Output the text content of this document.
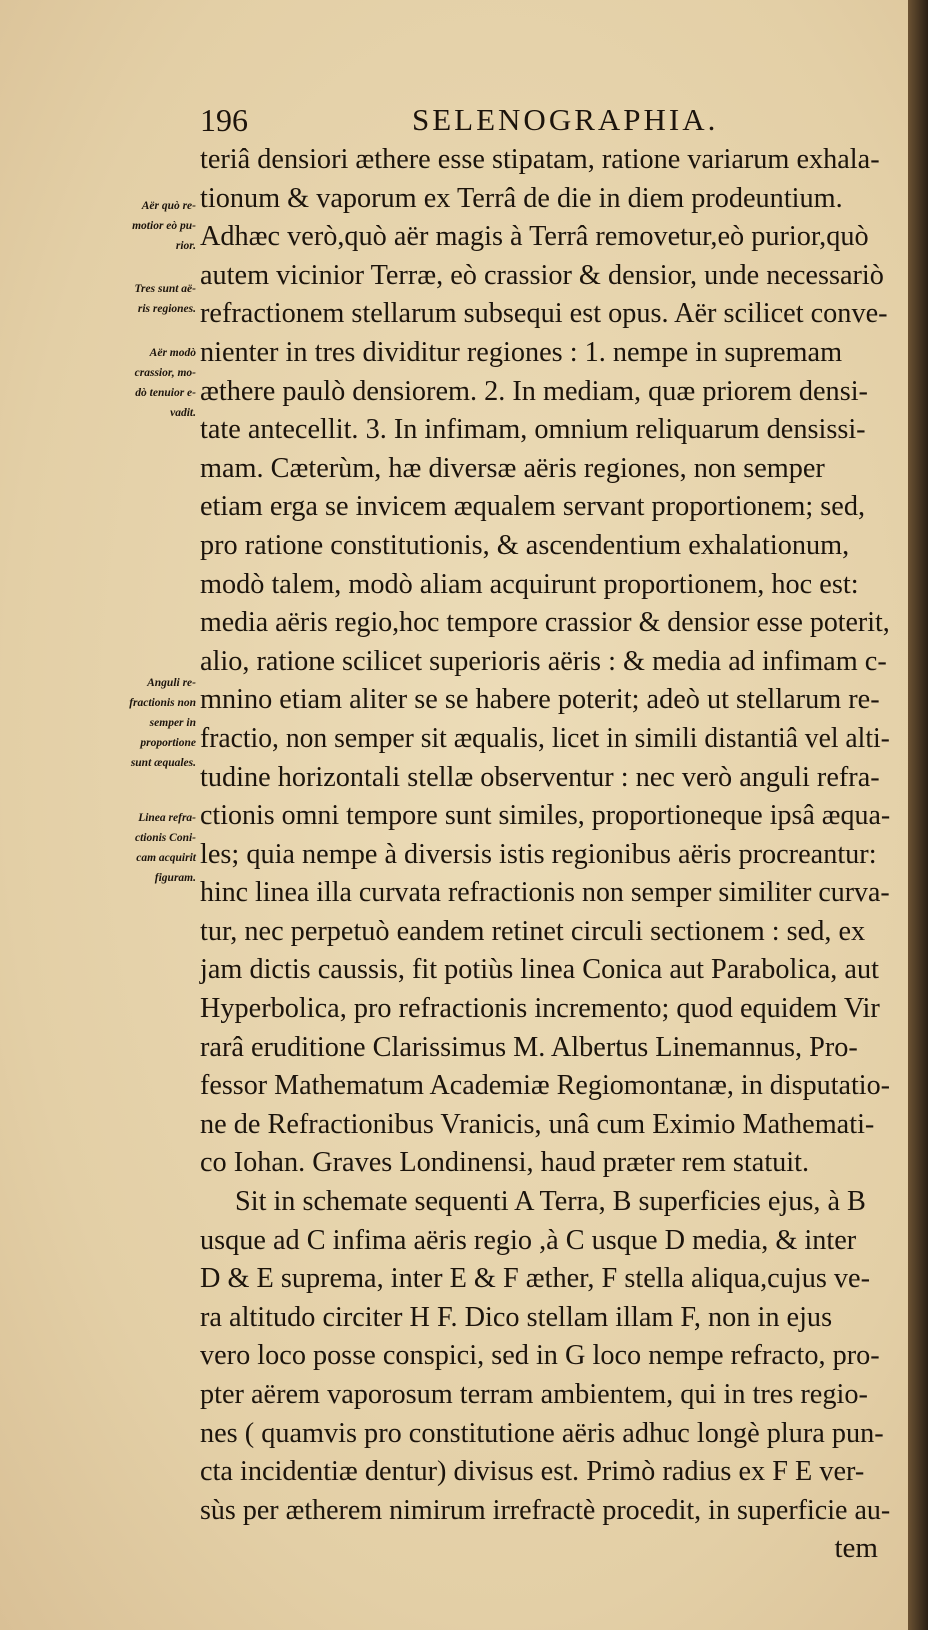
196	SELENOGRAPHIA.
Aër quò re-
motior eò pu-
rior.
Tres sunt aë-
ris regiones.
Aër modò
crassior, mo-
dò tenuior e-
vadit.
Anguli re-
fractionis non
semper in
proportione
sunt æquales.
Linea refra-
ctionis Coni-
cam acquirit
figuram.
teriâ densiori æthere esse stipatam, ratione variarum exhala-
tionum & vaporum ex Terrâ de die in diem prodeuntium.
Adhæc verò,quò aër magis à Terrâ removetur,eò purior,quò
autem vicinior Terræ, eò crassior & densior, unde necessariò
refractionem stellarum subsequi est opus. Aër scilicet conve-
nienter in tres dividitur regiones : 1. nempe in supremam
æthere paulò densiorem. 2. In mediam, quæ priorem densi-
tate antecellit. 3. In infimam, omnium reliquarum densissi-
mam. Cæterùm, hæ diversæ aëris regiones, non semper
etiam erga se invicem æqualem servant proportionem; sed,
pro ratione constitutionis, & ascendentium exhalationum,
modò talem, modò aliam acquirunt proportionem, hoc est:
media aëris regio,hoc tempore crassior & densior esse poterit,
alio, ratione scilicet superioris aëris : & media ad infimam c-
mnino etiam aliter se se habere poterit; adeò ut stellarum re-
fractio, non semper sit æqualis, licet in simili distantiâ vel alti-
tudine horizontali stellæ observentur : nec verò anguli refra-
ctionis omni tempore sunt similes, proportioneque ipsâ æqua-
les; quia nempe à diversis istis regionibus aëris procreantur:
hinc linea illa curvata refractionis non semper similiter curva-
tur, nec perpetuò eandem retinet circuli sectionem : sed, ex
jam dictis caussis, fit potiùs linea Conica aut Parabolica, aut
Hyperbolica, pro refractionis incremento; quod equidem Vir
rarâ eruditione Clarissimus M. Albertus Linemannus, Pro-
fessor Mathematum Academiæ Regiomontanæ, in disputatio-
ne de Refractionibus Vranicis, unâ cum Eximio Mathemati-
co Iohan. Graves Londinensi, haud præter rem statuit.
Sit in schemate sequenti A Terra, B superficies ejus, à B
usque ad C infima aëris regio ,à C usque D media, & inter
D & E suprema, inter E & F æther, F stella aliqua,cujus ve-
ra altitudo circiter H F. Dico stellam illam F, non in ejus
vero loco posse conspici, sed in G loco nempe refracto, pro-
pter aërem vaporosum terram ambientem, qui in tres regio-
nes ( quamvis pro constitutione aëris adhuc longè plura pun-
cta incidentiæ dentur) divisus est. Primò radius ex F E ver-
sùs per ætherem nimirum irrefractè procedit, in superficie au-
tem
